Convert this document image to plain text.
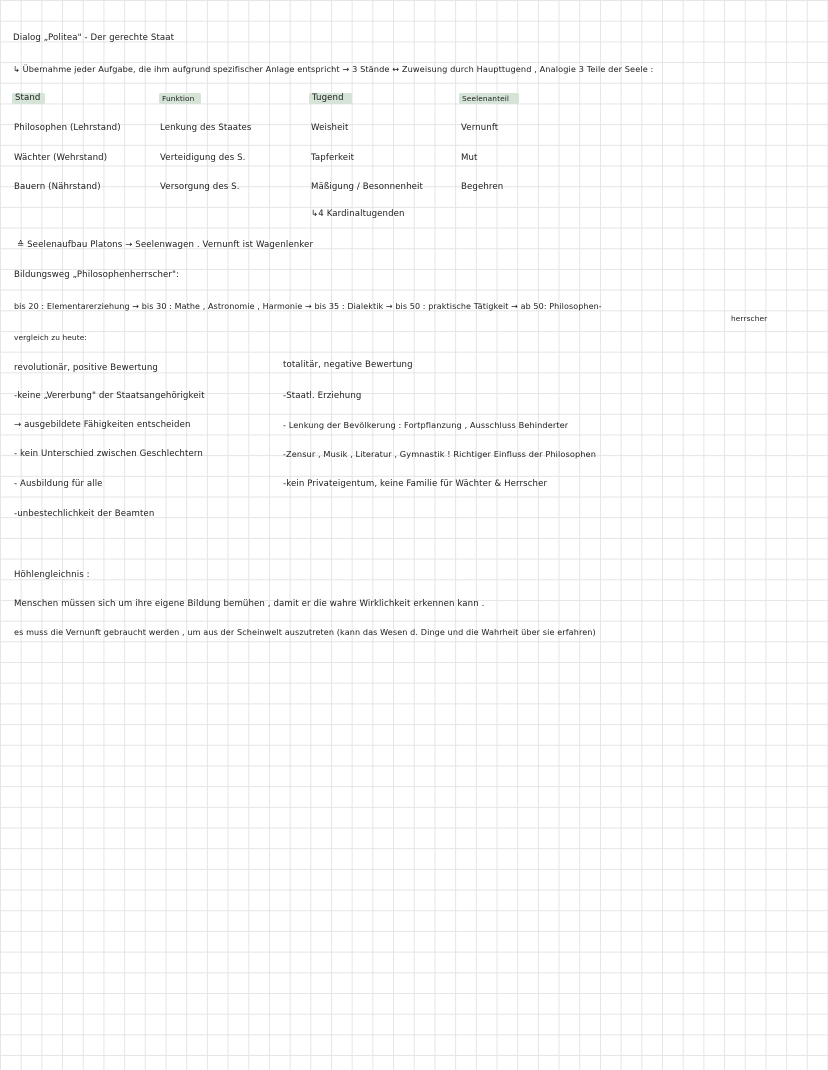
Dialog „Politea" - Der gerechte Staat
↳ Übernahme jeder Aufgabe, die ihm aufgrund spezifischer Anlage entspricht → 3 Stände ↔ Zuweisung durch Haupttugend , Analogie 3 Teile der Seele :
Stand	Funktion	Tugend	Seelenanteil
Philosophen (Lehrstand)	Lenkung des Staates	Weisheit	Vernunft
Wächter (Wehrstand)	Verteidigung des S.	Tapferkeit	Mut
Bauern (Nährstand)	Versorgung des S.	Mäßigung / Besonnenheit	Begehren
↳4 Kardinaltugenden
≙ Seelenaufbau Platons → Seelenwagen . Vernunft ist Wagenlenker
Bildungsweg „Philosophenherrscher":
bis 20 : Elementarerziehung → bis 30 : Mathe , Astronomie , Harmonie → bis 35 : Dialektik → bis 50 : praktische Tätigkeit → ab 50: Philosophen-
herrscher
vergleich zu heute:
revolutionär, positive Bewertung
-keine „Vererbung" der Staatsangehörigkeit
→ ausgebildete Fähigkeiten entscheiden
- kein Unterschied zwischen Geschlechtern
- Ausbildung für alle
-unbestechlichkeit der Beamten
totalitär, negative Bewertung
-Staatl. Erziehung
- Lenkung der Bevölkerung : Fortpflanzung , Ausschluss Behinderter
-Zensur , Musik , Literatur , Gymnastik ! Richtiger Einfluss der Philosophen
-kein Privateigentum, keine Familie für Wächter & Herrscher
Höhlengleichnis :
Menschen müssen sich um ihre eigene Bildung bemühen , damit er die wahre Wirklichkeit erkennen kann .
es muss die Vernunft gebraucht werden , um aus der Scheinwelt auszutreten (kann das Wesen d. Dinge und die Wahrheit über sie erfahren)
